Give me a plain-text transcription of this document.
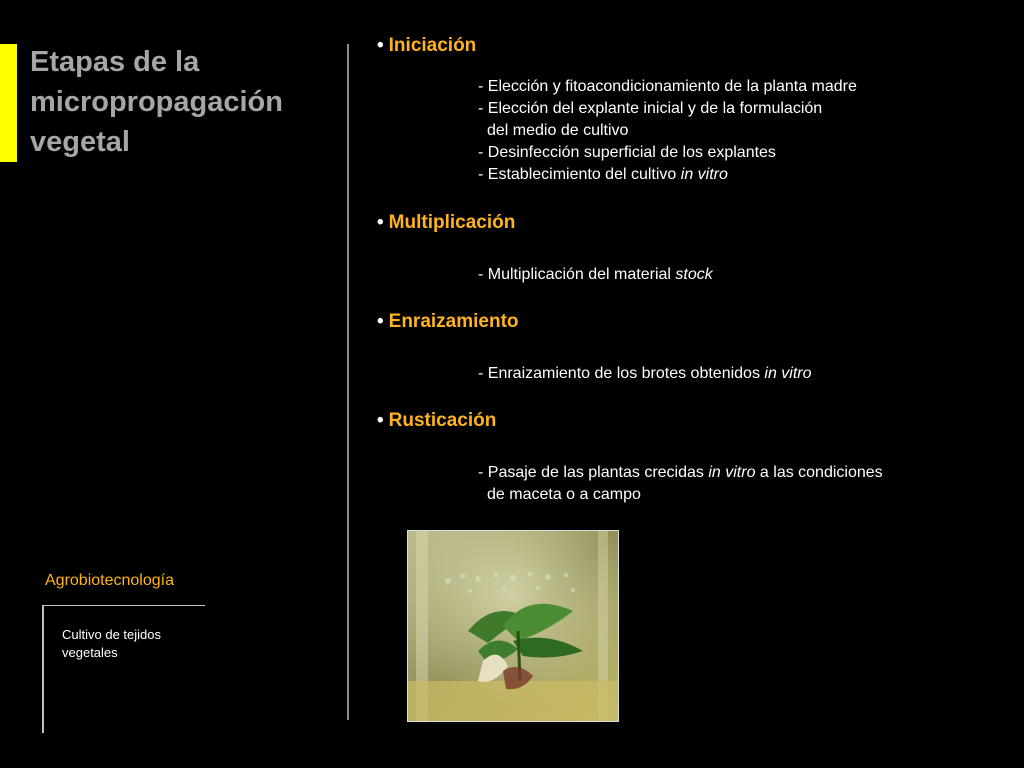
Etapas de la
micropropagación
vegetal
Agrobiotecnología
Cultivo de tejidos
vegetales
• Iniciación
- Elección y fitoacondicionamiento de la planta madre
- Elección del explante inicial y de la formulación
del medio de cultivo
- Desinfección superficial de los explantes
- Establecimiento del cultivo in vitro
• Multiplicación
- Multiplicación del material stock
• Enraizamiento
- Enraizamiento de los brotes obtenidos in vitro
• Rusticación
- Pasaje de las plantas crecidas in vitro a las condiciones
de maceta o a campo
